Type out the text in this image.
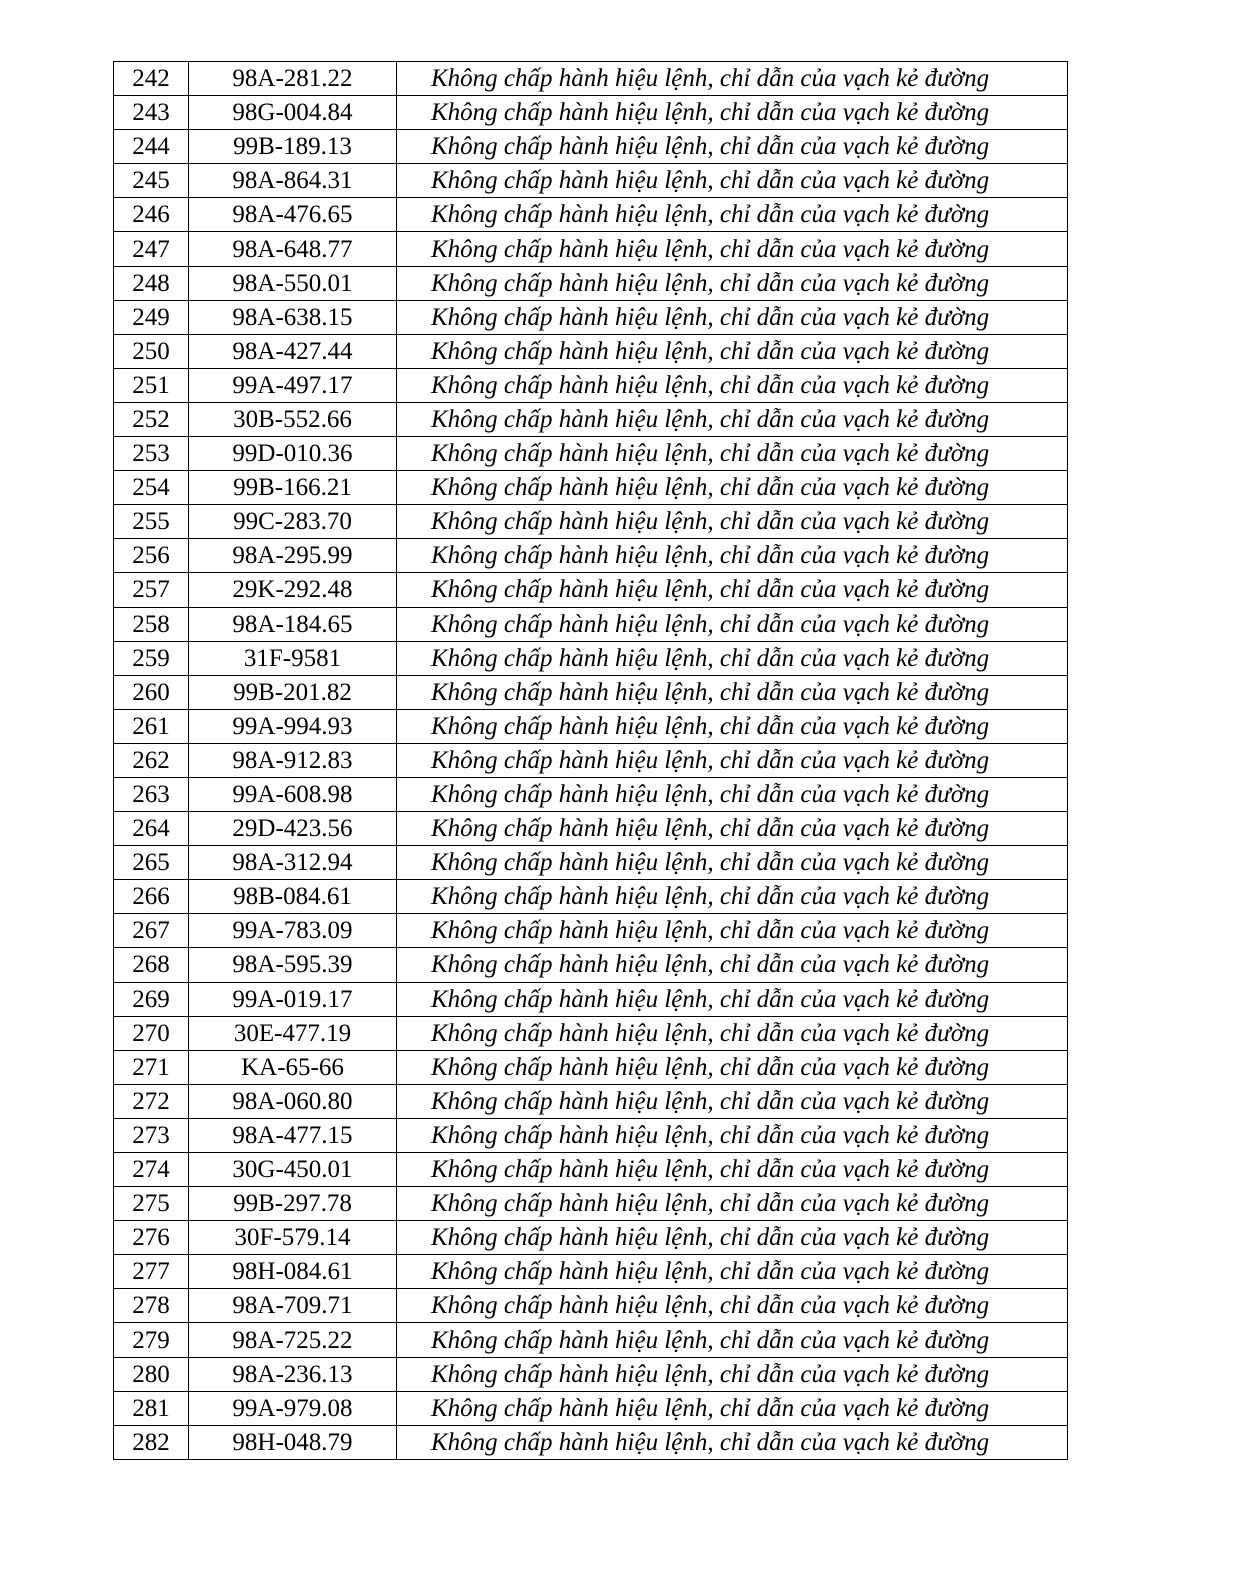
242	98A-281.22	Không chấp hành hiệu lệnh, chỉ dẫn của vạch kẻ đường
243	98G-004.84	Không chấp hành hiệu lệnh, chỉ dẫn của vạch kẻ đường
244	99B-189.13	Không chấp hành hiệu lệnh, chỉ dẫn của vạch kẻ đường
245	98A-864.31	Không chấp hành hiệu lệnh, chỉ dẫn của vạch kẻ đường
246	98A-476.65	Không chấp hành hiệu lệnh, chỉ dẫn của vạch kẻ đường
247	98A-648.77	Không chấp hành hiệu lệnh, chỉ dẫn của vạch kẻ đường
248	98A-550.01	Không chấp hành hiệu lệnh, chỉ dẫn của vạch kẻ đường
249	98A-638.15	Không chấp hành hiệu lệnh, chỉ dẫn của vạch kẻ đường
250	98A-427.44	Không chấp hành hiệu lệnh, chỉ dẫn của vạch kẻ đường
251	99A-497.17	Không chấp hành hiệu lệnh, chỉ dẫn của vạch kẻ đường
252	30B-552.66	Không chấp hành hiệu lệnh, chỉ dẫn của vạch kẻ đường
253	99D-010.36	Không chấp hành hiệu lệnh, chỉ dẫn của vạch kẻ đường
254	99B-166.21	Không chấp hành hiệu lệnh, chỉ dẫn của vạch kẻ đường
255	99C-283.70	Không chấp hành hiệu lệnh, chỉ dẫn của vạch kẻ đường
256	98A-295.99	Không chấp hành hiệu lệnh, chỉ dẫn của vạch kẻ đường
257	29K-292.48	Không chấp hành hiệu lệnh, chỉ dẫn của vạch kẻ đường
258	98A-184.65	Không chấp hành hiệu lệnh, chỉ dẫn của vạch kẻ đường
259	31F-9581	Không chấp hành hiệu lệnh, chỉ dẫn của vạch kẻ đường
260	99B-201.82	Không chấp hành hiệu lệnh, chỉ dẫn của vạch kẻ đường
261	99A-994.93	Không chấp hành hiệu lệnh, chỉ dẫn của vạch kẻ đường
262	98A-912.83	Không chấp hành hiệu lệnh, chỉ dẫn của vạch kẻ đường
263	99A-608.98	Không chấp hành hiệu lệnh, chỉ dẫn của vạch kẻ đường
264	29D-423.56	Không chấp hành hiệu lệnh, chỉ dẫn của vạch kẻ đường
265	98A-312.94	Không chấp hành hiệu lệnh, chỉ dẫn của vạch kẻ đường
266	98B-084.61	Không chấp hành hiệu lệnh, chỉ dẫn của vạch kẻ đường
267	99A-783.09	Không chấp hành hiệu lệnh, chỉ dẫn của vạch kẻ đường
268	98A-595.39	Không chấp hành hiệu lệnh, chỉ dẫn của vạch kẻ đường
269	99A-019.17	Không chấp hành hiệu lệnh, chỉ dẫn của vạch kẻ đường
270	30E-477.19	Không chấp hành hiệu lệnh, chỉ dẫn của vạch kẻ đường
271	KA-65-66	Không chấp hành hiệu lệnh, chỉ dẫn của vạch kẻ đường
272	98A-060.80	Không chấp hành hiệu lệnh, chỉ dẫn của vạch kẻ đường
273	98A-477.15	Không chấp hành hiệu lệnh, chỉ dẫn của vạch kẻ đường
274	30G-450.01	Không chấp hành hiệu lệnh, chỉ dẫn của vạch kẻ đường
275	99B-297.78	Không chấp hành hiệu lệnh, chỉ dẫn của vạch kẻ đường
276	30F-579.14	Không chấp hành hiệu lệnh, chỉ dẫn của vạch kẻ đường
277	98H-084.61	Không chấp hành hiệu lệnh, chỉ dẫn của vạch kẻ đường
278	98A-709.71	Không chấp hành hiệu lệnh, chỉ dẫn của vạch kẻ đường
279	98A-725.22	Không chấp hành hiệu lệnh, chỉ dẫn của vạch kẻ đường
280	98A-236.13	Không chấp hành hiệu lệnh, chỉ dẫn của vạch kẻ đường
281	99A-979.08	Không chấp hành hiệu lệnh, chỉ dẫn của vạch kẻ đường
282	98H-048.79	Không chấp hành hiệu lệnh, chỉ dẫn của vạch kẻ đường
